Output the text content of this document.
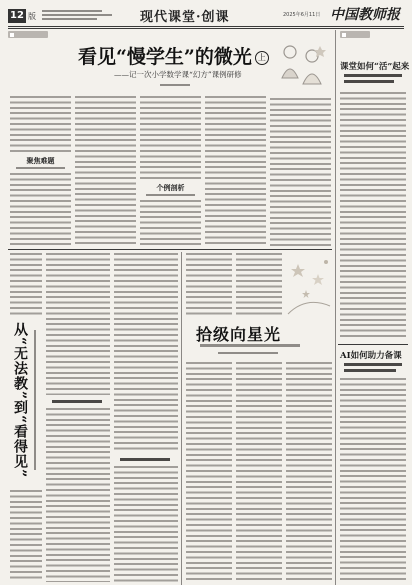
12 版	现代课堂·创课	2025年6月11日 中国教师报
看见“慢学生”的微光 上
——记一次小学数学课“幻方”课例研修
聚焦难题
个例剖析
从“无法教”到“看得见”	拾级向星光
课堂如何“活”起来
AI如何助力备课
